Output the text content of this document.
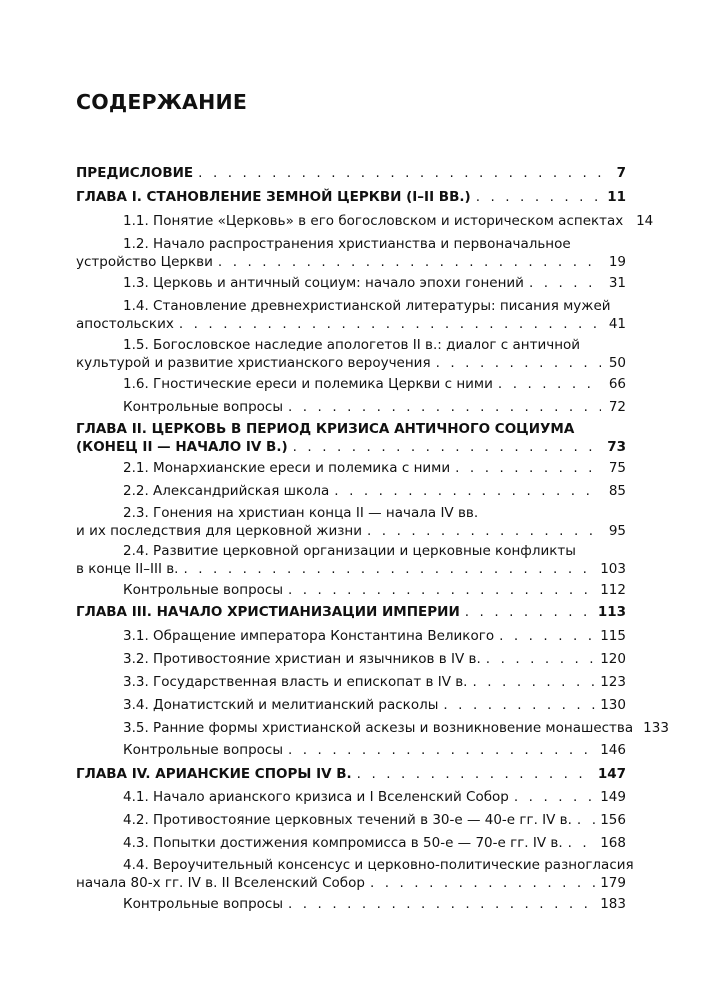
СОДЕРЖАНИЕ
ПРЕДИСЛОВИЕ . . .	7
ГЛАВА I. СТАНОВЛЕНИЕ ЗЕМНОЙ ЦЕРКВИ (I–II ВВ.) . . .	11
1.1. Понятие «Церковь» в его богословском и историческом аспектах 14
1.2. Начало распространения христианства и первоначальное
устройство Церкви . . .	19
1.3. Церковь и античный социум: начало эпохи гонений . . .	31
1.4. Становление древнехристианской литературы: писания мужей
апостольских . . .	41
1.5. Богословское наследие апологетов II в.: диалог с античной
культурой и развитие христианского вероучения . . .	50
1.6. Гностические ереси и полемика Церкви с ними . . .	66
Контрольные вопросы . . .	72
ГЛАВА II. ЦЕРКОВЬ В ПЕРИОД КРИЗИСА АНТИЧНОГО СОЦИУМА
(КОНЕЦ II — НАЧАЛО IV В.) . . .	73
2.1. Монархианские ереси и полемика с ними . . .	75
2.2. Александрийская школа . . .	85
2.3. Гонения на христиан конца II — начала IV вв.
и их последствия для церковной жизни . . .	95
2.4. Развитие церковной организации и церковные конфликты
в конце II–III в. . . .	103
Контрольные вопросы . . .	112
ГЛАВА III. НАЧАЛО ХРИСТИАНИЗАЦИИ ИМПЕРИИ . . .	113
3.1. Обращение императора Константина Великого . . .	115
3.2. Противостояние христиан и язычников в IV в. . . .	120
3.3. Государственная власть и епископат в IV в. . . .	123
3.4. Донатистский и мелитианский расколы . . .	130
3.5. Ранние формы христианской аскезы и возникновение монашества 133
Контрольные вопросы . . .	146
ГЛАВА IV. АРИАНСКИЕ СПОРЫ IV В. . . .	147
4.1. Начало арианского кризиса и I Вселенский Собор . . .	149
4.2. Противостояние церковных течений в 30-е — 40-е гг. IV в. . . . 156
4.3. Попытки достижения компромисса в 50-е — 70-е гг. IV в. . . .	168
4.4. Вероучительный консенсус и церковно-политические разногласия
начала 80-х гг. IV в. II Вселенский Собор . . .	179
Контрольные вопросы . . .	183
